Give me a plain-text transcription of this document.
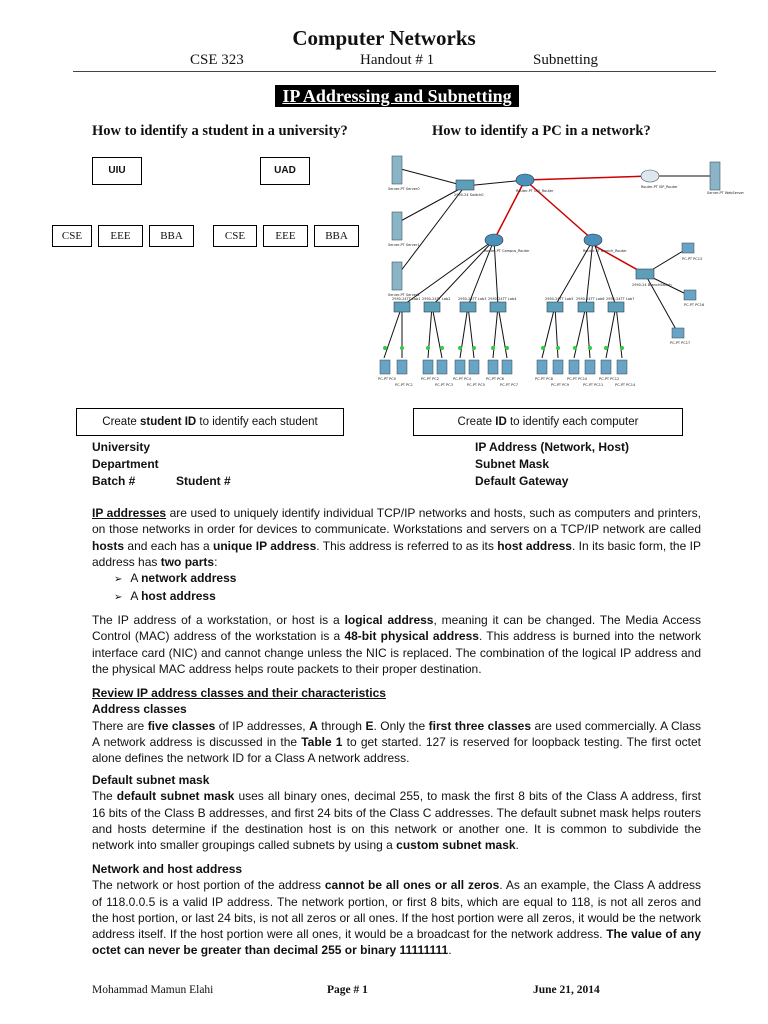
Computer Networks
CSE 323	Handout # 1	Subnetting
IP Addressing and Subnetting
How to identify a student in a university?	How to identify a PC in a network?
UIU	UAD
CSE	EEE	BBA	CSE	EEE	BBA
Server-PT Server0
Server-PT Server1
Server-PT Server2
2950-24 Switch0
Router-PT UIU_Router
Router-PT ISP_Router
Server-PT WebServer
Router-PT Campus_Router	Router-PT Branch_Router
2950-24 BranchSwitch
PC-PT PC13
PC-PT PC16
PC-PT PC17
2950-24TT Lab1 2950-24TT Lab2 2950-24TT Lab3 2950-24TT Lab4	2950-24TT Lab5 2950-24TT Lab6 2950-24TT Lab7
PC-PT PC0
PC-PT PC1
PC-PT PC2
PC-PT PC3
PC-PT PC4
PC-PT PC5
PC-PT PC6
PC-PT PC7
PC-PT PC8
PC-PT PC9
PC-PT PC10
PC-PT PC11
PC-PT PC12
PC-PT PC14
Create student ID to identify each student	Create ID to identify each computer
University
Department
Batch #	Student #
IP Address (Network, Host)
Subnet Mask
Default Gateway

IP addresses are used to uniquely identify individual TCP/IP networks and hosts, such as computers and printers, on those networks in order for devices to communicate. Workstations and servers on a TCP/IP network are called hosts and each has a unique IP address. This address is referred to as its host address. In its basic form, the IP address has two parts:

➢ A network address
➢ A host address

The IP address of a workstation, or host is a logical address, meaning it can be changed. The Media Access Control (MAC) address of the workstation is a 48-bit physical address. This address is burned into the network interface card (NIC) and cannot change unless the NIC is replaced. The combination of the logical IP address and the physical MAC address helps route packets to their proper destination.

Review IP address classes and their characteristics
Address classes

There are five classes of IP addresses, A through E. Only the first three classes are used commercially. A Class A network address is discussed in the Table 1 to get started. 127 is reserved for loopback testing. The first octet alone defines the network ID for a Class A network address.

Default subnet mask

The default subnet mask uses all binary ones, decimal 255, to mask the first 8 bits of the Class A address, first 16 bits of the Class B addresses, and first 24 bits of the Class C addresses. The default subnet mask helps routers and hosts determine if the destination host is on this network or another one. It is common to subdivide the network into smaller groupings called subnets by using a custom subnet mask.

Network and host address

The network or host portion of the address cannot be all ones or all zeros. As an example, the Class A address of 118.0.0.5 is a valid IP address. The network portion, or first 8 bits, which are equal to 118, is not all zeros and the host portion, or last 24 bits, is not all zeros or all ones. If the host portion were all zeros, it would be the network address itself. If the host portion were all ones, it would be a broadcast for the network address. The value of any octet can never be greater than decimal 255 or binary 11111111.

Mohammad Mamun Elahi	Page # 1	June 21, 2014
